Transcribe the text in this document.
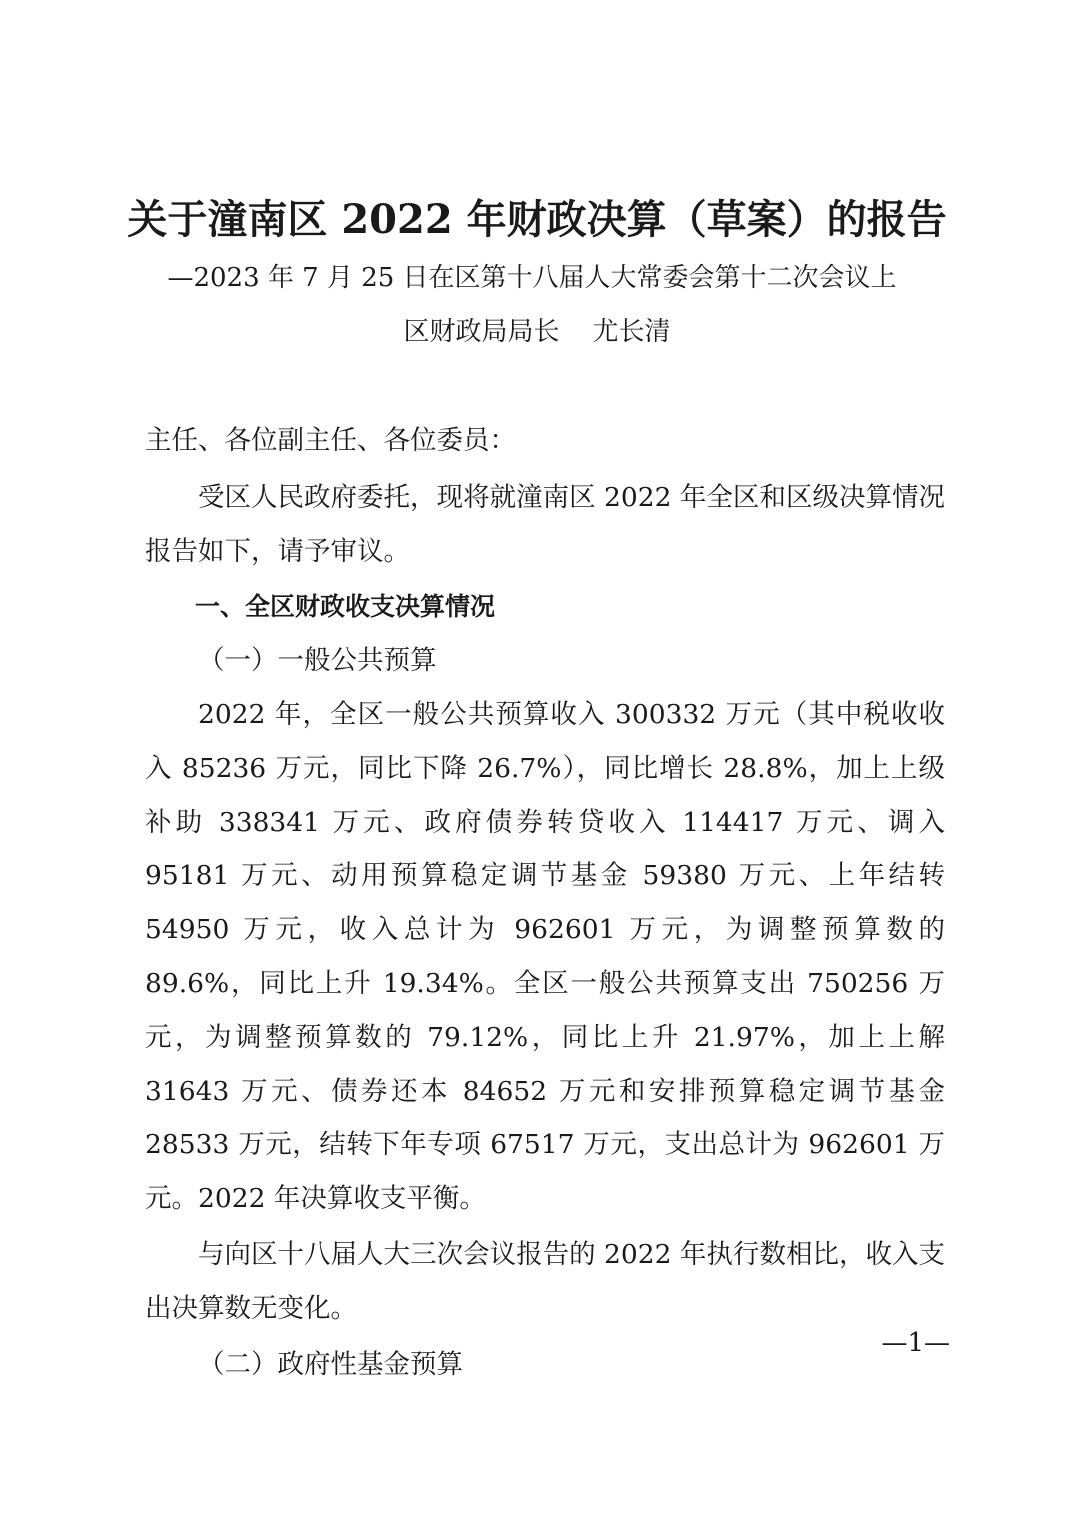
关于潼南区 2022 年财政决算（草案）的报告
—2023 年 7 月 25 日在区第十八届人大常委会第十二次会议上
区财政局局长    尤长清

主任、各位副主任、各位委员：

受区人民政府委托，现将就潼南区 2022 年全区和区级决算情况报告如下，请予审议。

一、全区财政收支决算情况

（一）一般公共预算

2022 年，全区一般公共预算收入 300332 万元（其中税收收入 85236 万元，同比下降 26.7%），同比增长 28.8%，加上上级补助 338341 万元、政府债券转贷收入 114417 万元、调入 95181 万元、动用预算稳定调节基金 59380 万元、上年结转 54950 万元，收入总计为 962601 万元，为调整预算数的 89.6%，同比上升 19.34%。全区一般公共预算支出 750256 万元，为调整预算数的 79.12%，同比上升 21.97%，加上上解 31643 万元、债券还本 84652 万元和安排预算稳定调节基金 28533 万元，结转下年专项 67517 万元，支出总计为 962601 万元。2022 年决算收支平衡。

与向区十八届人大三次会议报告的 2022 年执行数相比，收入支出决算数无变化。

（二）政府性基金预算

—1—
